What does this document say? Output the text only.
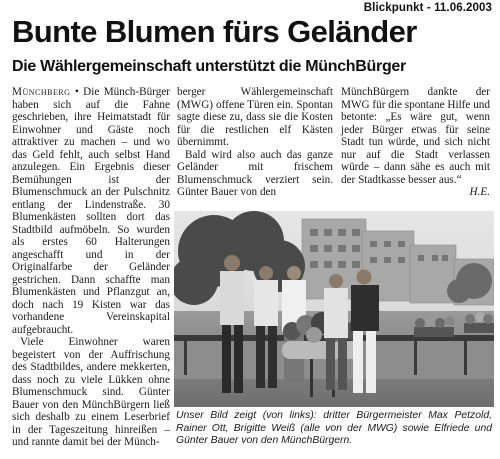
Blickpunkt - 11.06.2003
Bunte Blumen fürs Geländer
Die Wählergemeinschaft unterstützt die MünchBürger

Münchberg • Die Münch-Bürger haben sich auf die Fahne geschrieben, ihre Heimatstadt für Einwohner und Gäste noch attraktiver zu machen – und wo das Geld fehlt, auch selbst Hand anzulegen. Ein Ergebnis dieser Bemühungen ist der Blumenschmuck an der Pulschnitz entlang der Lindenstraße. 30 Blumenkästen sollten dort das Stadtbild aufmöbeln. So wurden als erstes 60 Halterungen angeschafft und in der Originalfarbe der Geländer gestrichen. Dann schaffte man Blumenkästen und Pflanzgut an, doch nach 19 Kisten war das vorhandene Vereinskapital aufgebraucht.

Viele Einwohner waren begeistert von der Auffrischung des Stadtbildes, andere mekkerten, dass noch zu viele Lükken ohne Blumenschmuck sind. Günter Bauer von den MünchBürgern ließ sich deshalb zu einem Leserbrief in der Tageszeitung hinreißen – und rannte damit bei der Münch-

berger Wählergemeinschaft (MWG) offene Türen ein. Spontan sagte diese zu, dass sie die Kosten für die restlichen elf Kästen übernimmt.

Bald wird also auch das ganze Geländer mit frischem Blumenschmuck verziert sein. Günter Bauer von den

MünchBürgern dankte der MWG für die spontane Hilfe und betonte: „Es wäre gut, wenn jeder Bürger etwas für seine Stadt tun würde, und sich nicht nur auf die Stadt verlassen würde – dann sähe es auch mit der Stadtkasse besser aus.“

H.E.

Unser Bild zeigt (von links): dritter Bürgermeister Max Petzold, Rainer Ott, Brigitte Weiß (alle von der MWG) sowie Elfriede und Günter Bauer von den MünchBürgern.
